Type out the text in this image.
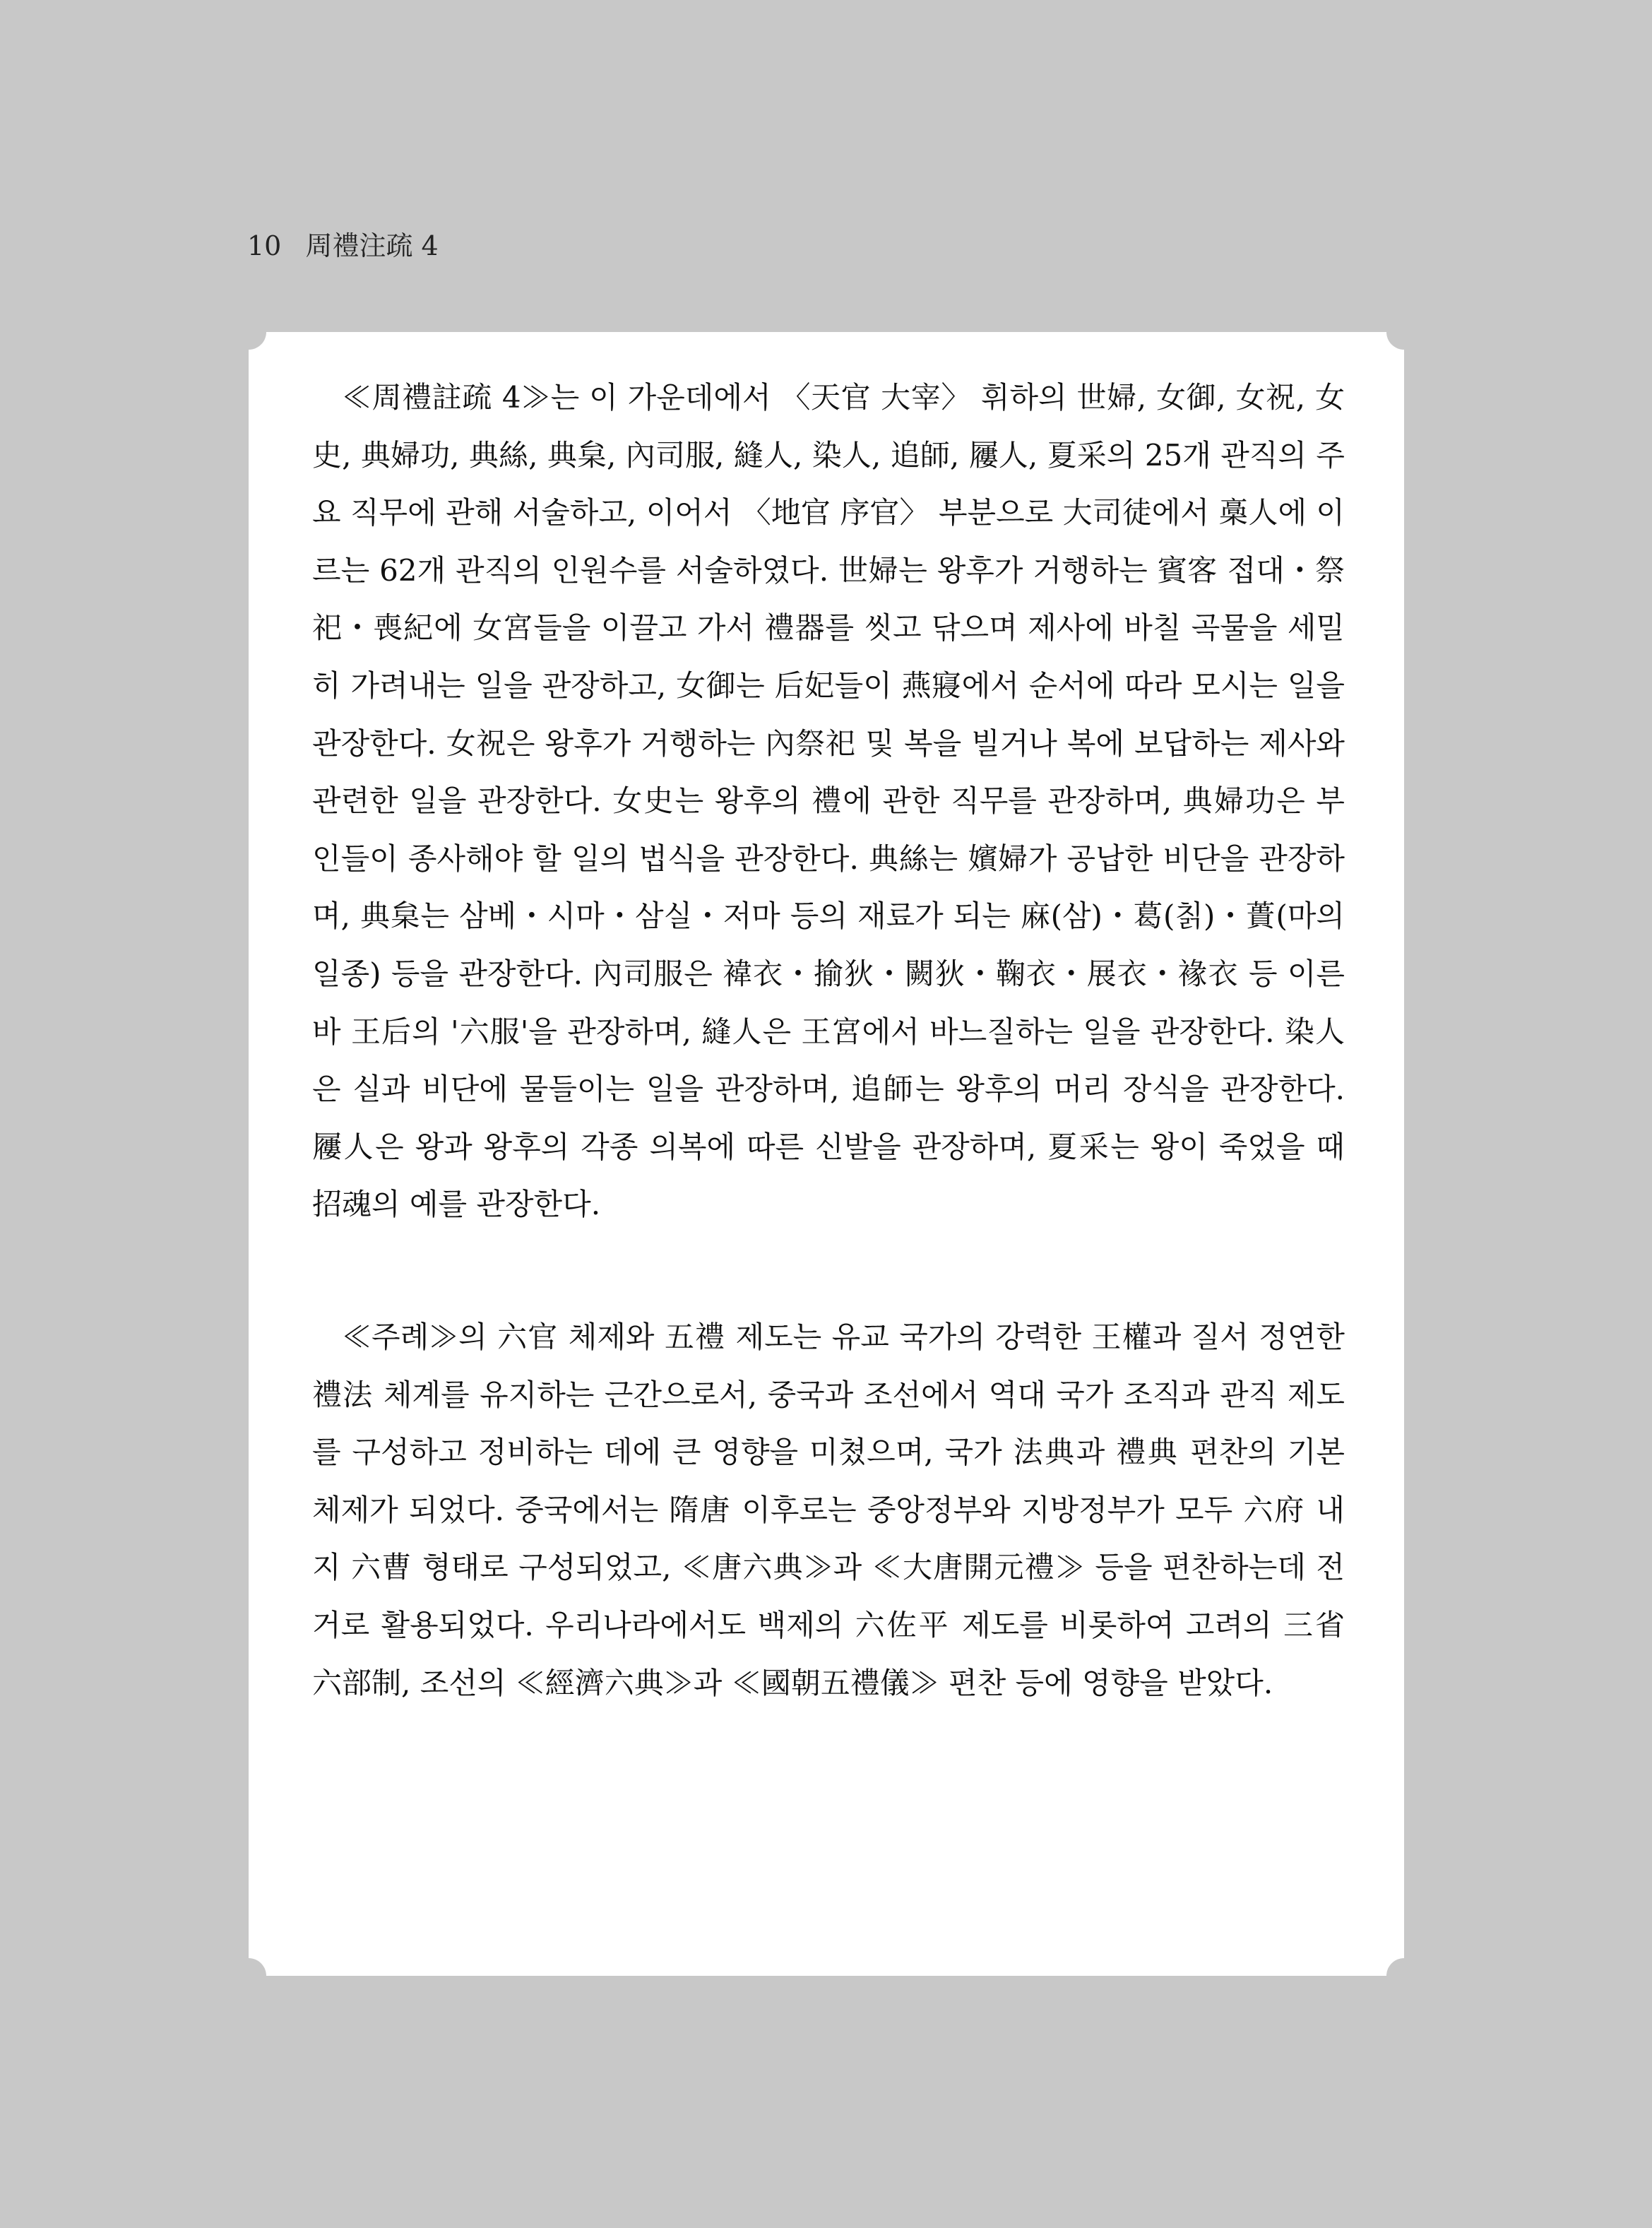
10 周禮注疏 4

≪周禮註疏 4≫는 이 가운데에서 〈天官 大宰〉 휘하의 世婦, 女御, 女祝, 女史, 典婦功, 典絲, 典枲, 內司服, 縫人, 染人, 追師, 屨人, 夏采의 25개 관직의 주요 직무에 관해 서술하고, 이어서 〈地官 序官〉 부분으로 大司徒에서 槀人에 이르는 62개 관직의 인원수를 서술하였다. 世婦는 왕후가 거행하는 賓客 접대・祭祀・喪紀에 女宮들을 이끌고 가서 禮器를 씻고 닦으며 제사에 바칠 곡물을 세밀히 가려내는 일을 관장하고, 女御는 后妃들이 燕寢에서 순서에 따라 모시는 일을 관장한다. 女祝은 왕후가 거행하는 內祭祀 및 복을 빌거나 복에 보답하는 제사와 관련한 일을 관장한다. 女史는 왕후의 禮에 관한 직무를 관장하며, 典婦功은 부인들이 종사해야 할 일의 법식을 관장한다. 典絲는 嬪婦가 공납한 비단을 관장하며, 典枲는 삼베・시마・삼실・저마 등의 재료가 되는 麻(삼)・葛(칡)・蕢(마의 일종) 등을 관장한다. 內司服은 褘衣・揄狄・闕狄・鞠衣・展衣・褖衣 등 이른바 王后의 '六服'을 관장하며, 縫人은 王宮에서 바느질하는 일을 관장한다. 染人은 실과 비단에 물들이는 일을 관장하며, 追師는 왕후의 머리 장식을 관장한다. 屨人은 왕과 왕후의 각종 의복에 따른 신발을 관장하며, 夏采는 왕이 죽었을 때 招魂의 예를 관장한다.

≪주례≫의 六官 체제와 五禮 제도는 유교 국가의 강력한 王權과 질서 정연한 禮法 체계를 유지하는 근간으로서, 중국과 조선에서 역대 국가 조직과 관직 제도를 구성하고 정비하는 데에 큰 영향을 미쳤으며, 국가 法典과 禮典 편찬의 기본 체제가 되었다. 중국에서는 隋唐 이후로는 중앙정부와 지방정부가 모두 六府 내지 六曹 형태로 구성되었고, ≪唐六典≫과 ≪大唐開元禮≫ 등을 편찬하는데 전거로 활용되었다. 우리나라에서도 백제의 六佐平 제도를 비롯하여 고려의 三省六部制, 조선의 ≪經濟六典≫과 ≪國朝五禮儀≫ 편찬 등에 영향을 받았다.
